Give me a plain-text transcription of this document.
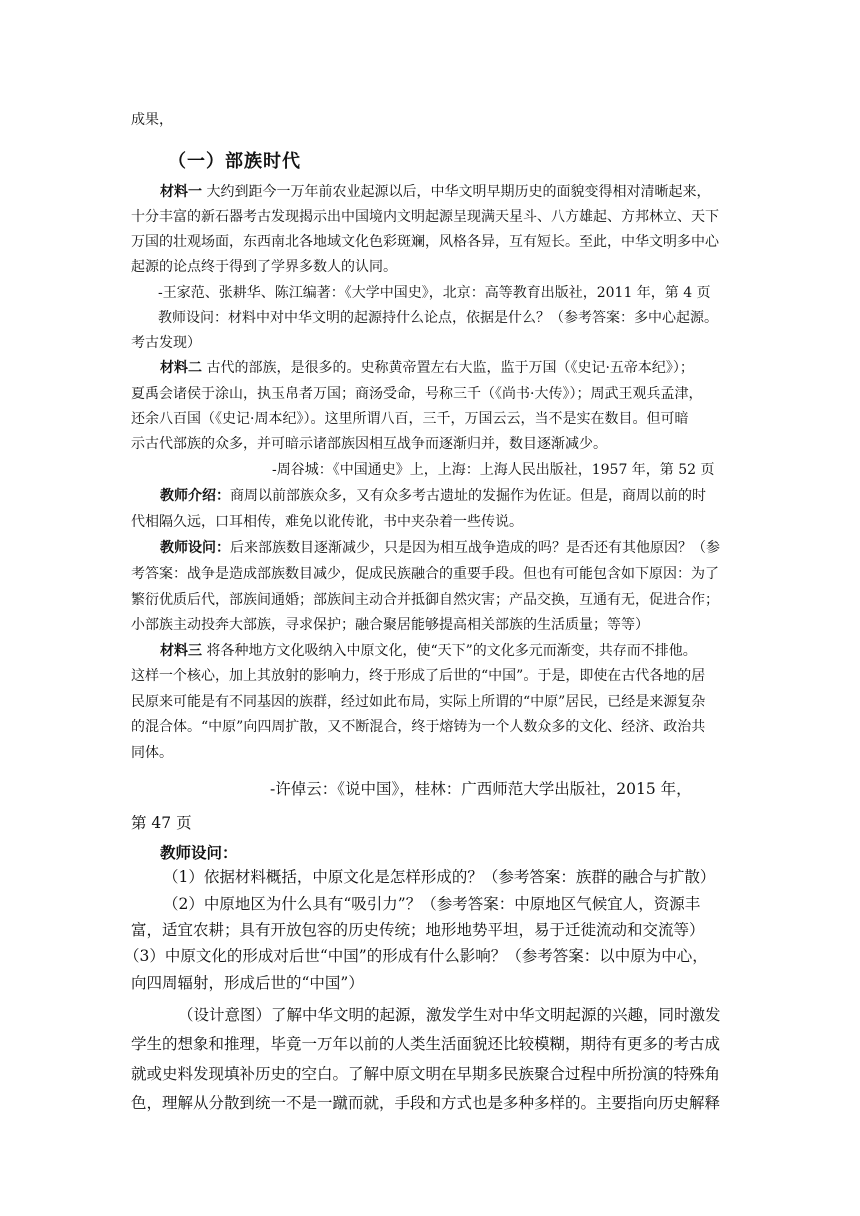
成果，
（一）部族时代
材料一 大约到距今一万年前农业起源以后，中华文明早期历史的面貌变得相对清晰起来，
十分丰富的新石器考古发现揭示出中国境内文明起源呈现满天星斗、八方雄起、方邦林立、天下
万国的壮观场面，东西南北各地域文化色彩斑斓，风格各异，互有短长。至此，中华文明多中心
起源的论点终于得到了学界多数人的认同。
-王家范、张耕华、陈江编著：《大学中国史》，北京：高等教育出版社，2011 年，第 4 页
教师设问：材料中对中华文明的起源持什么论点，依据是什么？（参考答案：多中心起源。
考古发现）
材料二 古代的部族，是很多的。史称黄帝置左右大监，监于万国（《史记·五帝本纪》）；
夏禹会诸侯于涂山，执玉帛者万国；商汤受命，号称三千（《尚书·大传》）；周武王观兵孟津，
还余八百国（《史记·周本纪》）。这里所谓八百，三千，万国云云，当不是实在数目。但可暗
示古代部族的众多，并可暗示诸部族因相互战争而逐渐归并，数目逐渐减少。
-周谷城：《中国通史》上，上海：上海人民出版社，1957 年，第 52 页
教师介绍：商周以前部族众多，又有众多考古遗址的发掘作为佐证。但是，商周以前的时
代相隔久远，口耳相传，难免以讹传讹，书中夹杂着一些传说。
教师设问：后来部族数目逐渐减少，只是因为相互战争造成的吗？是否还有其他原因？（参
考答案：战争是造成部族数目减少，促成民族融合的重要手段。但也有可能包含如下原因：为了
繁衍优质后代，部族间通婚；部族间主动合并抵御自然灾害；产品交换，互通有无，促进合作；
小部族主动投奔大部族，寻求保护；融合聚居能够提高相关部族的生活质量；等等）
材料三 将各种地方文化吸纳入中原文化，使“天下”的文化多元而渐变，共存而不排他。
这样一个核心，加上其放射的影响力，终于形成了后世的“中国”。于是，即使在古代各地的居
民原来可能是有不同基因的族群，经过如此布局，实际上所谓的“中原”居民，已经是来源复杂
的混合体。“中原”向四周扩散，又不断混合，终于熔铸为一个人数众多的文化、经济、政治共
同体。
-许倬云：《说中国》，桂林：广西师范大学出版社，2015 年，
第 47 页
教师设问：
（1）依据材料概括，中原文化是怎样形成的？（参考答案：族群的融合与扩散）
（2）中原地区为什么具有“吸引力”？（参考答案：中原地区气候宜人，资源丰
富，适宜农耕；具有开放包容的历史传统；地形地势平坦，易于迁徙流动和交流等）
（3）中原文化的形成对后世“中国”的形成有什么影响？（参考答案：以中原为中心，
向四周辐射，形成后世的“中国”）
（设计意图）了解中华文明的起源，激发学生对中华文明起源的兴趣，同时激发
学生的想象和推理，毕竟一万年以前的人类生活面貌还比较模糊，期待有更多的考古成
就或史料发现填补历史的空白。了解中原文明在早期多民族聚合过程中所扮演的特殊角
色，理解从分散到统一不是一蹴而就，手段和方式也是多种多样的。主要指向历史解释
